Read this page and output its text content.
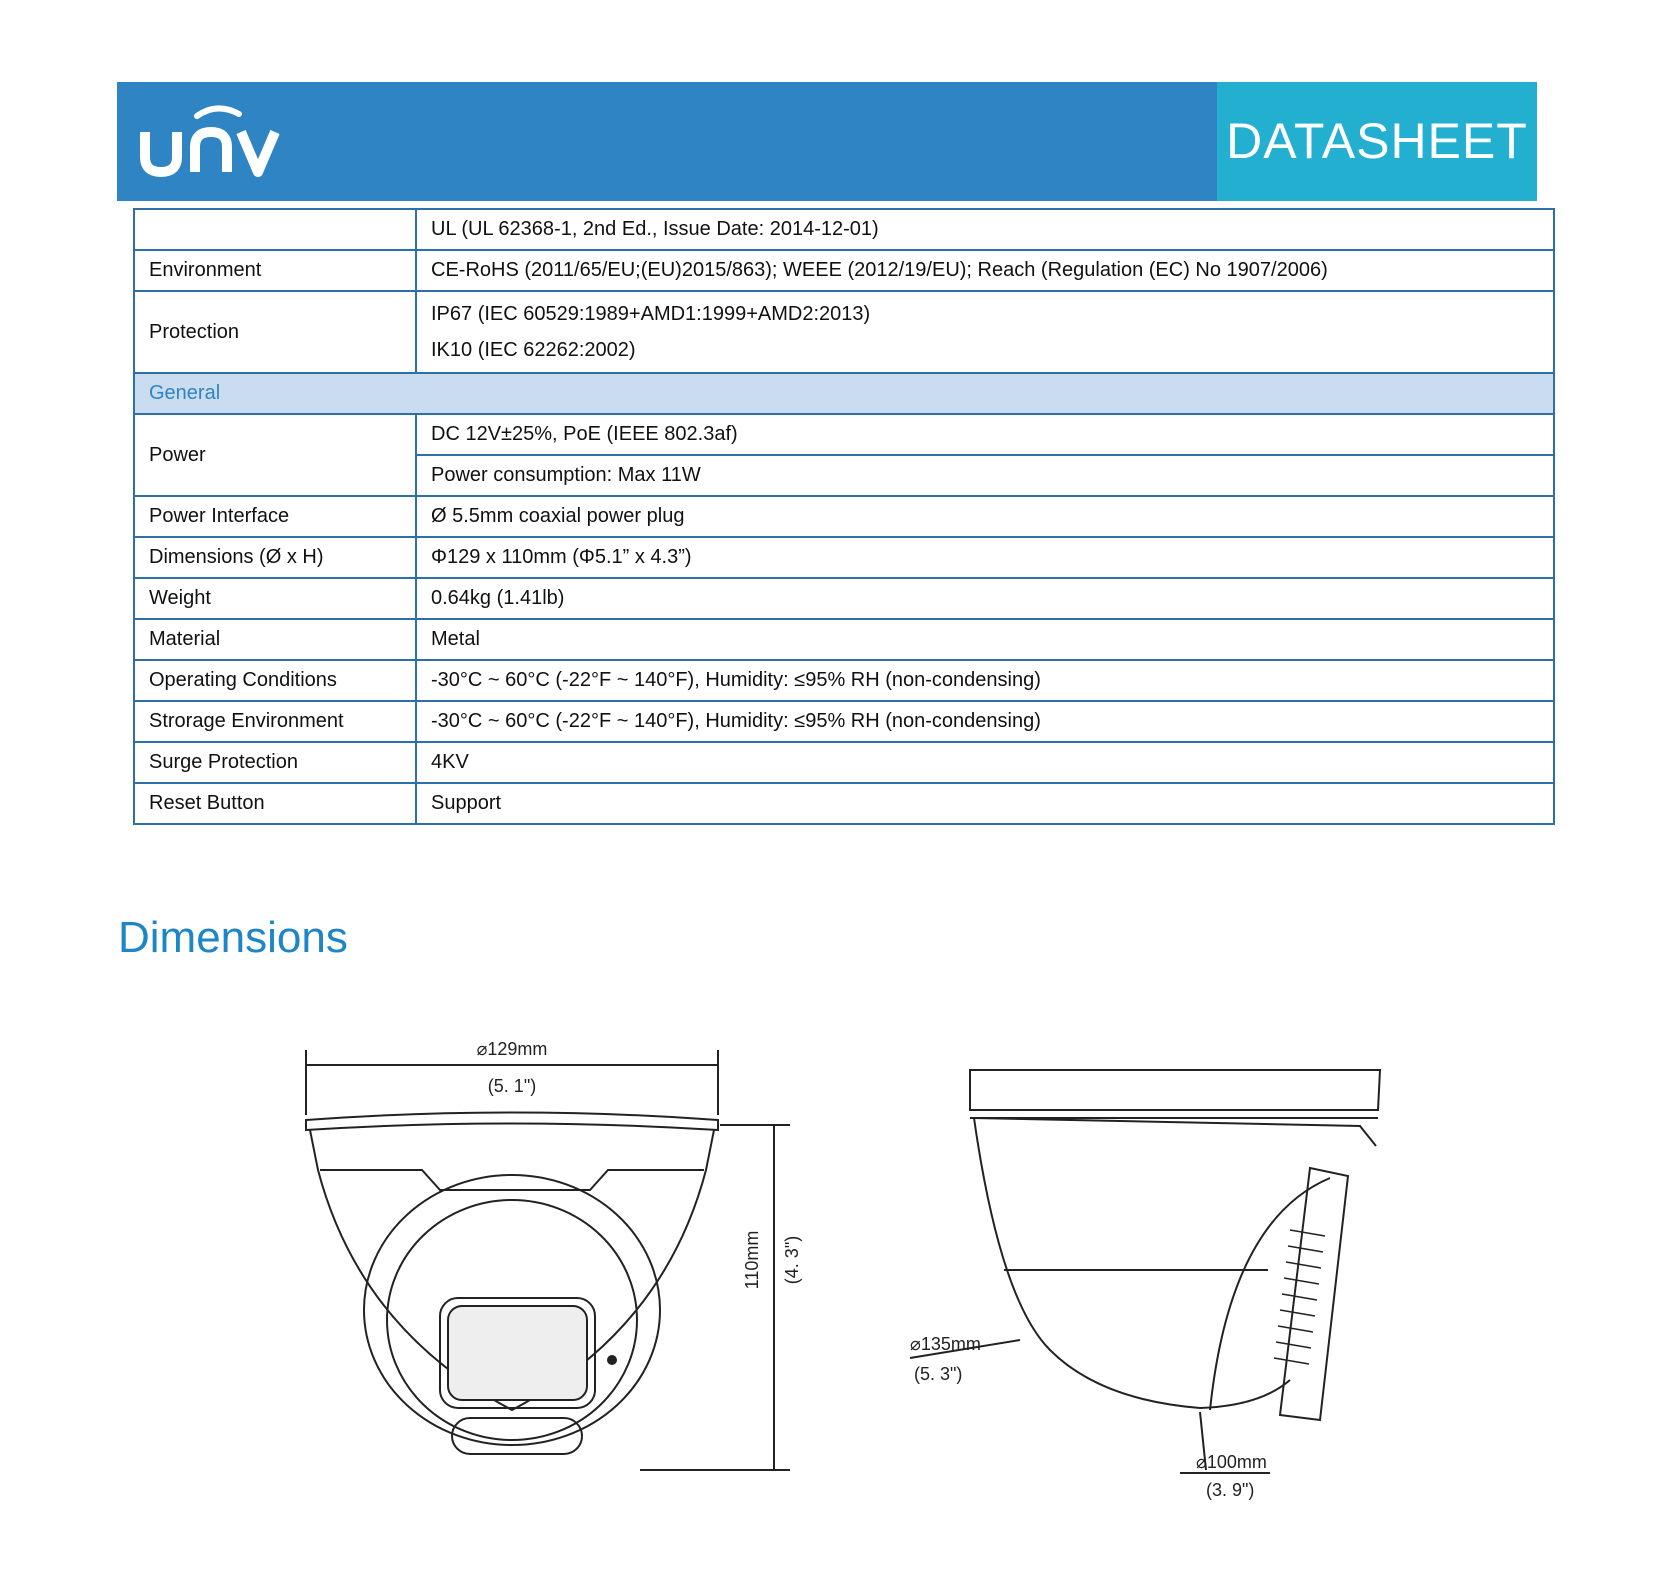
DATASHEET
	UL (UL 62368-1, 2nd Ed., Issue Date: 2014-12-01)
Environment	CE-RoHS (2011/65/EU;(EU)2015/863); WEEE (2012/19/EU); Reach (Regulation (EC) No 1907/2006)
Protection	IP67 (IEC 60529:1989+AMD1:1999+AMD2:2013)
IK10 (IEC 62262:2002)

General	
Power	DC 12V±25%, PoE (IEEE 802.3af)
	Power consumption: Max 11W
Power Interface	Ø 5.5mm coaxial power plug
Dimensions (Ø x H)	Φ129 x 110mm (Φ5.1” x 4.3”)
Weight	0.64kg (1.41lb)
Material	Metal
Operating Conditions	-30°C ~ 60°C (-22°F ~ 140°F), Humidity: ≤95% RH (non-condensing)
Strorage Environment	-30°C ~ 60°C (-22°F ~ 140°F), Humidity: ≤95% RH (non-condensing)
Surge Protection	4KV
Reset Button	Support
Dimensions
⌀129mm
(5. 1")
110mm (4. 3")
⌀135mm
(5. 3")
⌀100mm
(3. 9")
